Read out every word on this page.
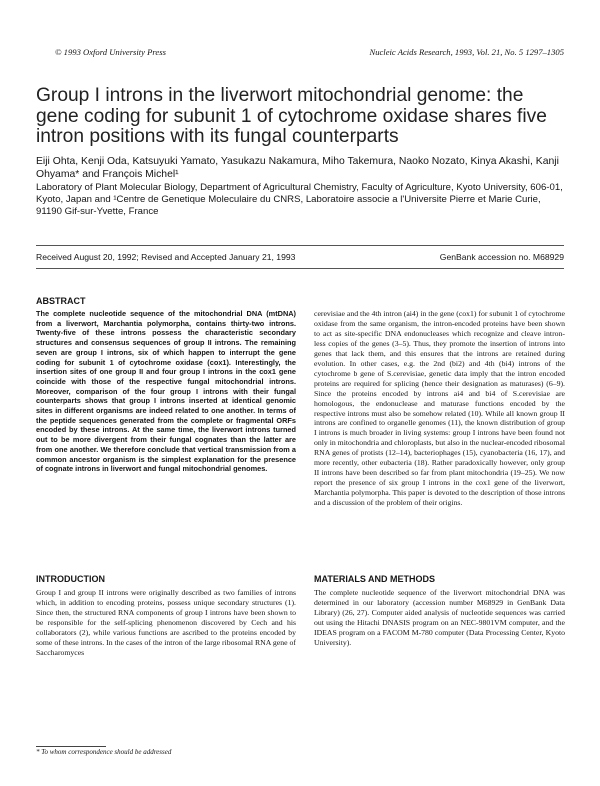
© 1993 Oxford University Press	Nucleic Acids Research, 1993, Vol. 21, No. 5 1297–1305
Group I introns in the liverwort mitochondrial genome: the gene coding for subunit 1 of cytochrome oxidase shares five intron positions with its fungal counterparts
Eiji Ohta, Kenji Oda, Katsuyuki Yamato, Yasukazu Nakamura, Miho Takemura, Naoko Nozato, Kinya Akashi, Kanji Ohyama* and François Michel¹
Laboratory of Plant Molecular Biology, Department of Agricultural Chemistry, Faculty of Agriculture, Kyoto University, 606-01, Kyoto, Japan and ¹Centre de Genetique Moleculaire du CNRS, Laboratoire associe a l'Universite Pierre et Marie Curie, 91190 Gif-sur-Yvette, France
Received August 20, 1992; Revised and Accepted January 21, 1993	GenBank accession no. M68929
ABSTRACT

The complete nucleotide sequence of the mitochondrial DNA (mtDNA) from a liverwort, Marchantia polymorpha, contains thirty-two introns. Twenty-five of these introns possess the characteristic secondary structures and consensus sequences of group II introns. The remaining seven are group I introns, six of which happen to interrupt the gene coding for subunit 1 of cytochrome oxidase (cox1). Interestingly, the insertion sites of one group II and four group I introns in the cox1 gene coincide with those of the respective fungal mitochondrial introns. Moreover, comparison of the four group I introns with their fungal counterparts shows that group I introns inserted at identical genomic sites in different organisms are indeed related to one another. In terms of the peptide sequences generated from the complete or fragmental ORFs encoded by these introns. At the same time, the liverwort introns turned out to be more divergent from their fungal cognates than the latter are from one another. We therefore conclude that vertical transmission from a common ancestor organism is the simplest explanation for the presence of cognate introns in liverwort and fungal mitochondrial genomes.

INTRODUCTION

Group I and group II introns were originally described as two families of introns which, in addition to encoding proteins, possess unique secondary structures (1). Since then, the structured RNA components of group I introns have been shown to be responsible for the self-splicing phenomenon discovered by Cech and his collaborators (2), while various functions are ascribed to the proteins encoded by some of these introns. In the cases of the intron of the large ribosomal RNA gene of Saccharomyces

cerevisiae and the 4th intron (ai4) in the gene (cox1) for subunit 1 of cytochrome oxidase from the same organism, the intron-encoded proteins have been shown to act as site-specific DNA endonucleases which recognize and cleave intron-less copies of the genes (3–5). Thus, they promote the insertion of introns into genes that lack them, and this ensures that the introns are retained during evolution. In other cases, e.g. the 2nd (bi2) and 4th (bi4) introns of the cytochrome b gene of S.cerevisiae, genetic data imply that the intron encoded proteins are required for splicing (hence their designation as maturases) (6–9). Since the proteins encoded by introns ai4 and bi4 of S.cerevisiae are homologous, the endonuclease and maturase functions encoded by the respective introns must also be somehow related (10). While all known group II introns are confined to organelle genomes (11), the known distribution of group I introns is much broader in living systems: group I introns have been found not only in mitochondria and chloroplasts, but also in the nuclear-encoded ribosomal RNA genes of protists (12–14), bacteriophages (15), cyanobacteria (16, 17), and more recently, other eubacteria (18). Rather paradoxically however, only group II introns have been described so far from plant mitochondria (19–25). We now report the presence of six group I introns in the cox1 gene of the liverwort, Marchantia polymorpha. This paper is devoted to the description of those introns and a discussion of the problem of their origins.

MATERIALS AND METHODS

The complete nucleotide sequence of the liverwort mitochondrial DNA was determined in our laboratory (accession number M68929 in GenBank Data Library) (26, 27). Computer aided analysis of nucleotide sequences was carried out using the Hitachi DNASIS program on an NEC-9801VM computer, and the IDEAS program on a FACOM M-780 computer (Data Processing Center, Kyoto University).

* To whom correspondence should be addressed
